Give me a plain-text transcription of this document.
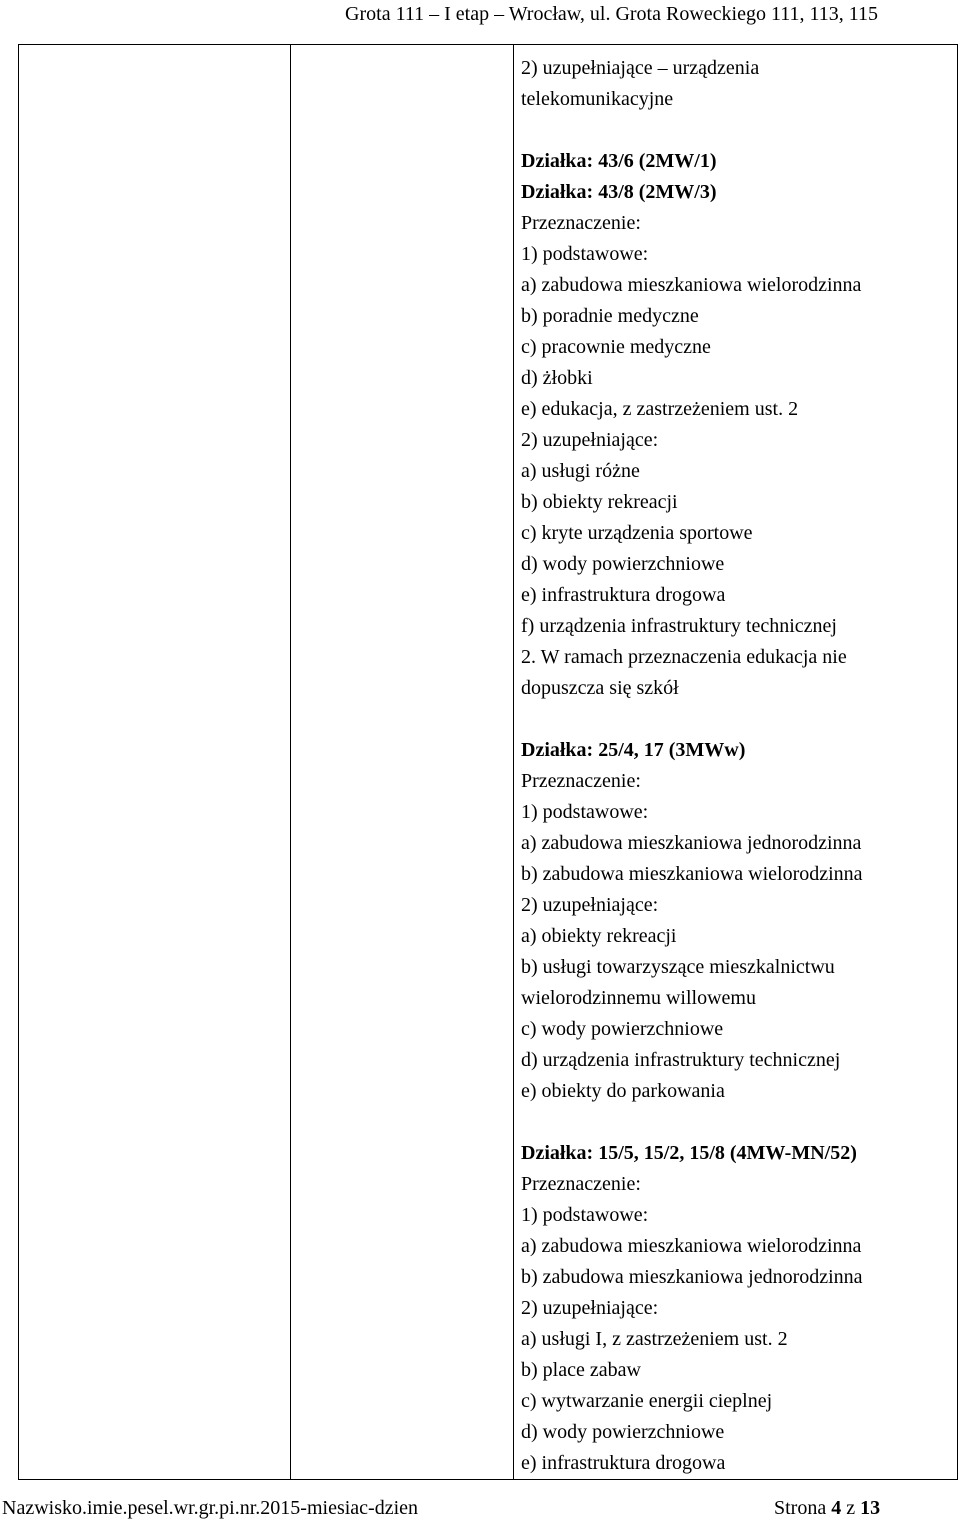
Grota 111 – I etap – Wrocław, ul. Grota Roweckiego 111, 113, 115
2) uzupełniające – urządzenia
telekomunikacyjne
Działka: 43/6 (2MW/1)
Działka: 43/8 (2MW/3)
Przeznaczenie:
1) podstawowe:
a) zabudowa mieszkaniowa wielorodzinna
b) poradnie medyczne
c) pracownie medyczne
d) żłobki
e) edukacja, z zastrzeżeniem ust. 2
2) uzupełniające:
a) usługi różne
b) obiekty rekreacji
c) kryte urządzenia sportowe
d) wody powierzchniowe
e) infrastruktura drogowa
f) urządzenia infrastruktury technicznej
2. W ramach przeznaczenia edukacja nie
dopuszcza się szkół
Działka: 25/4, 17 (3MWw)
Przeznaczenie:
1) podstawowe:
a) zabudowa mieszkaniowa jednorodzinna
b) zabudowa mieszkaniowa wielorodzinna
2) uzupełniające:
a) obiekty rekreacji
b) usługi towarzyszące mieszkalnictwu
wielorodzinnemu willowemu
c) wody powierzchniowe
d) urządzenia infrastruktury technicznej
e) obiekty do parkowania
Działka: 15/5, 15/2, 15/8 (4MW-MN/52)
Przeznaczenie:
1) podstawowe:
a) zabudowa mieszkaniowa wielorodzinna
b) zabudowa mieszkaniowa jednorodzinna
2) uzupełniające:
a) usługi I, z zastrzeżeniem ust. 2
b) place zabaw
c) wytwarzanie energii cieplnej
d) wody powierzchniowe
e) infrastruktura drogowa
Nazwisko.imie.pesel.wr.gr.pi.nr.2015-miesiac-dzien	Strona 4 z 13
